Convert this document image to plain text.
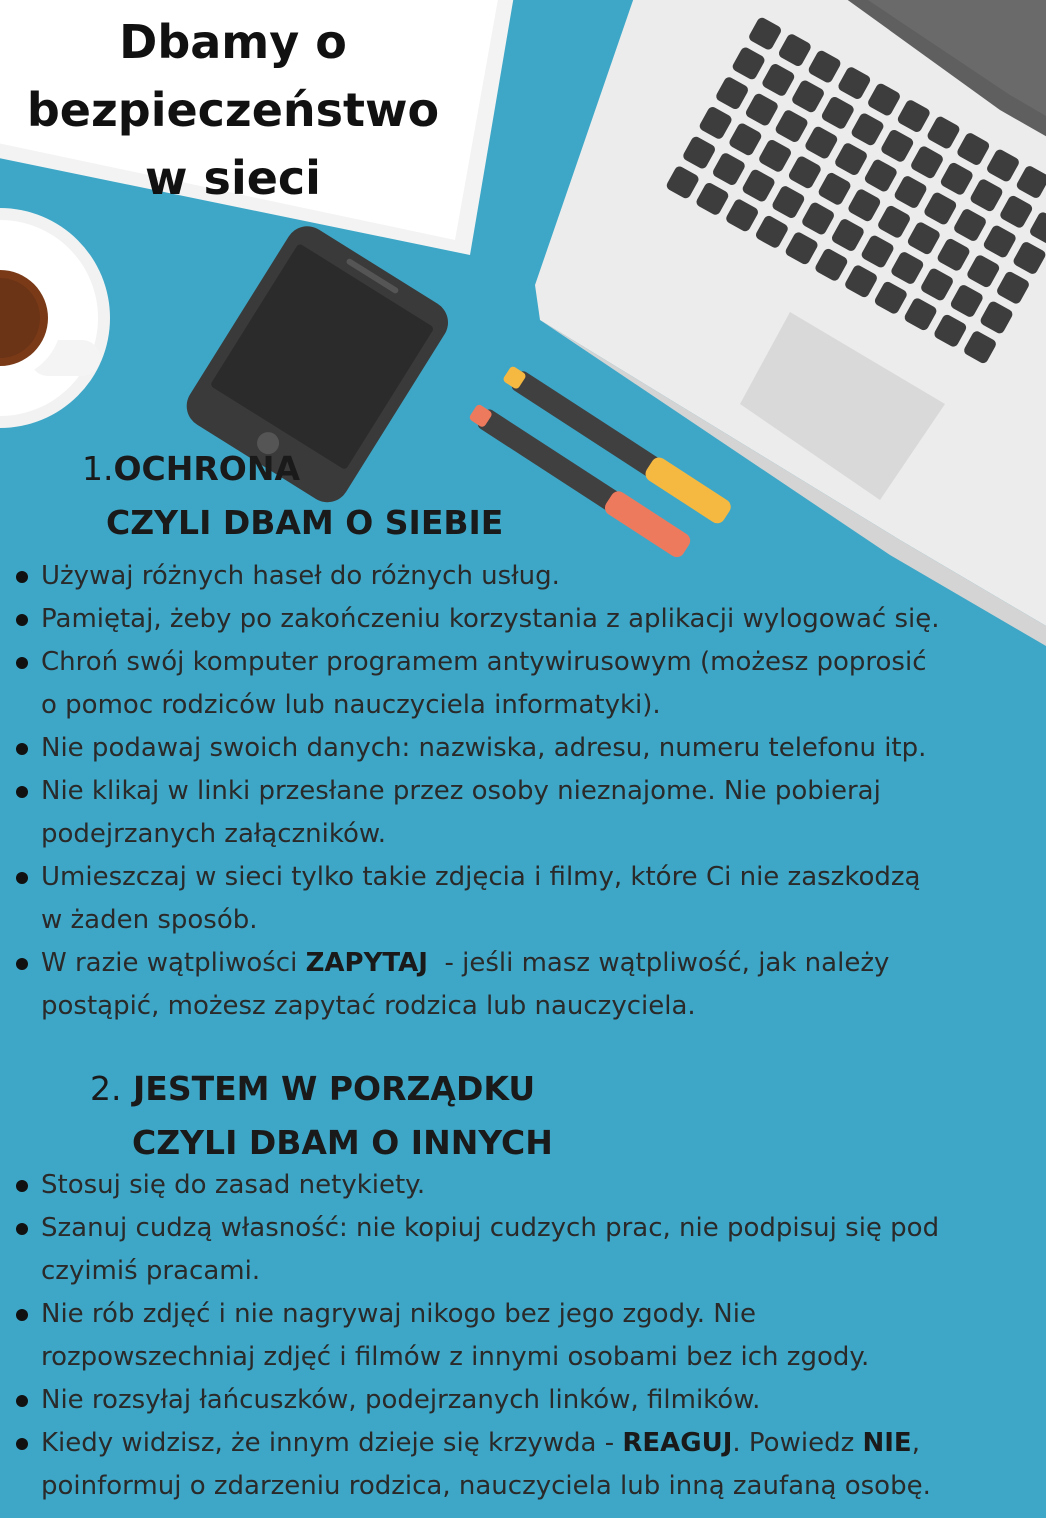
Dbamy o
bezpieczeństwo
w sieci
1.OCHRONA
CZYLI DBAM O SIEBIE
Używaj różnych haseł do różnych usług.
Pamiętaj, żeby po zakończeniu korzystania z aplikacji wylogować się.
Chroń swój komputer programem antywirusowym (możesz poprosić
o pomoc rodziców lub nauczyciela informatyki).
Nie podawaj swoich danych: nazwiska, adresu, numeru telefonu itp.
Nie klikaj w linki przesłane przez osoby nieznajome. Nie pobieraj
podejrzanych załączników.
Umieszczaj w sieci tylko takie zdjęcia i filmy, które Ci nie zaszkodzą
w żaden sposób.
W razie wątpliwości ZAPYTAJ  - jeśli masz wątpliwość, jak należy
postąpić, możesz zapytać rodzica lub nauczyciela.
2. JESTEM W PORZĄDKU
CZYLI DBAM O INNYCH
Stosuj się do zasad netykiety.
Szanuj cudzą własność: nie kopiuj cudzych prac, nie podpisuj się pod
czyimiś pracami.
Nie rób zdjęć i nie nagrywaj nikogo bez jego zgody. Nie
rozpowszechniaj zdjęć i filmów z innymi osobami bez ich zgody.
Nie rozsyłaj łańcuszków, podejrzanych linków, filmików.
Kiedy widzisz, że innym dzieje się krzywda - REAGUJ. Powiedz NIE,
poinformuj o zdarzeniu rodzica, nauczyciela lub inną zaufaną osobę.
